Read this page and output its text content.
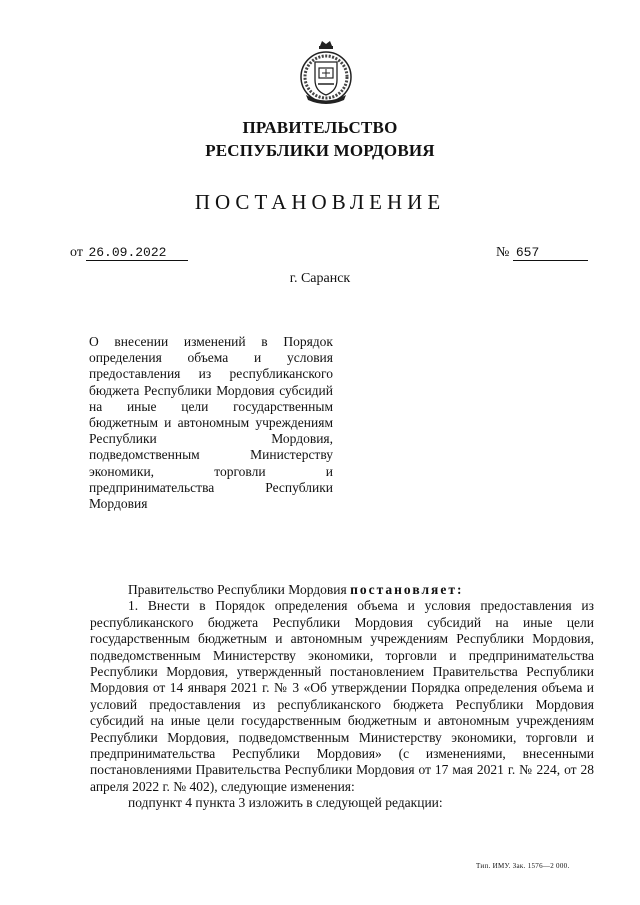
ПРАВИТЕЛЬСТВО
РЕСПУБЛИКИ МОРДОВИЯ
ПОСТАНОВЛЕНИЕ
от 26.09.2022	№ 657
г. Саранск
О внесении изменений в Порядок определения объема и условия предоставления из республиканского бюджета Республики Мордовия субсидий на иные цели государственным бюджетным и автономным учреждениям Республики Мордовия, подведомственным Министерству экономики, торговли и предпринимательства Республики Мордовия

Правительство Республики Мордовия постановляет:

1. Внести в Порядок определения объема и условия предоставления из республиканского бюджета Республики Мордовия субсидий на иные цели государственным бюджетным и автономным учреждениям Республики Мордовия, подведомственным Министерству экономики, торговли и предпринимательства Республики Мордовия, утвержденный постановлением Правительства Республики Мордовия от 14 января 2021 г. № 3 «Об утверждении Порядка определения объема и условий предоставления из республиканского бюджета Республики Мордовия субсидий на иные цели государственным бюджетным и автономным учреждениям Республики Мордовия, подведомственным Министерству экономики, торговли и предпринимательства Республики Мордовия» (с изменениями, внесенными постановлениями Правительства Республики Мордовия от 17 мая 2021 г. № 224, от 28 апреля 2022 г. № 402), следующие изменения:

подпункт 4 пункта 3 изложить в следующей редакции:

Тип. ИМУ. Зак. 1576—2 000.
